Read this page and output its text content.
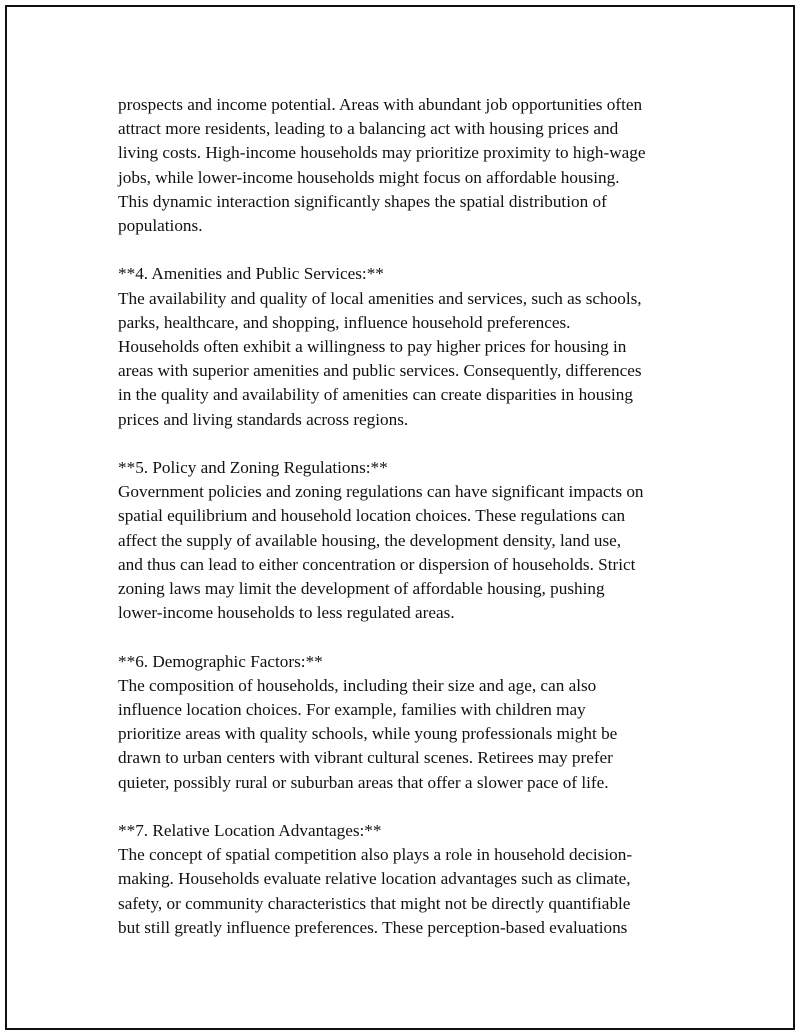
prospects and income potential. Areas with abundant job opportunities often
attract more residents, leading to a balancing act with housing prices and
living costs. High-income households may prioritize proximity to high-wage
jobs, while lower-income households might focus on affordable housing.
This dynamic interaction significantly shapes the spatial distribution of
populations.

**4. Amenities and Public Services:**
The availability and quality of local amenities and services, such as schools,
parks, healthcare, and shopping, influence household preferences.
Households often exhibit a willingness to pay higher prices for housing in
areas with superior amenities and public services. Consequently, differences
in the quality and availability of amenities can create disparities in housing
prices and living standards across regions.
**5. Policy and Zoning Regulations:**
Government policies and zoning regulations can have significant impacts on
spatial equilibrium and household location choices. These regulations can
affect the supply of available housing, the development density, land use,
and thus can lead to either concentration or dispersion of households. Strict
zoning laws may limit the development of affordable housing, pushing
lower-income households to less regulated areas.
**6. Demographic Factors:**
The composition of households, including their size and age, can also
influence location choices. For example, families with children may
prioritize areas with quality schools, while young professionals might be
drawn to urban centers with vibrant cultural scenes. Retirees may prefer
quieter, possibly rural or suburban areas that offer a slower pace of life.
**7. Relative Location Advantages:**
The concept of spatial competition also plays a role in household decision-
making. Households evaluate relative location advantages such as climate,
safety, or community characteristics that might not be directly quantifiable
but still greatly influence preferences. These perception-based evaluations
